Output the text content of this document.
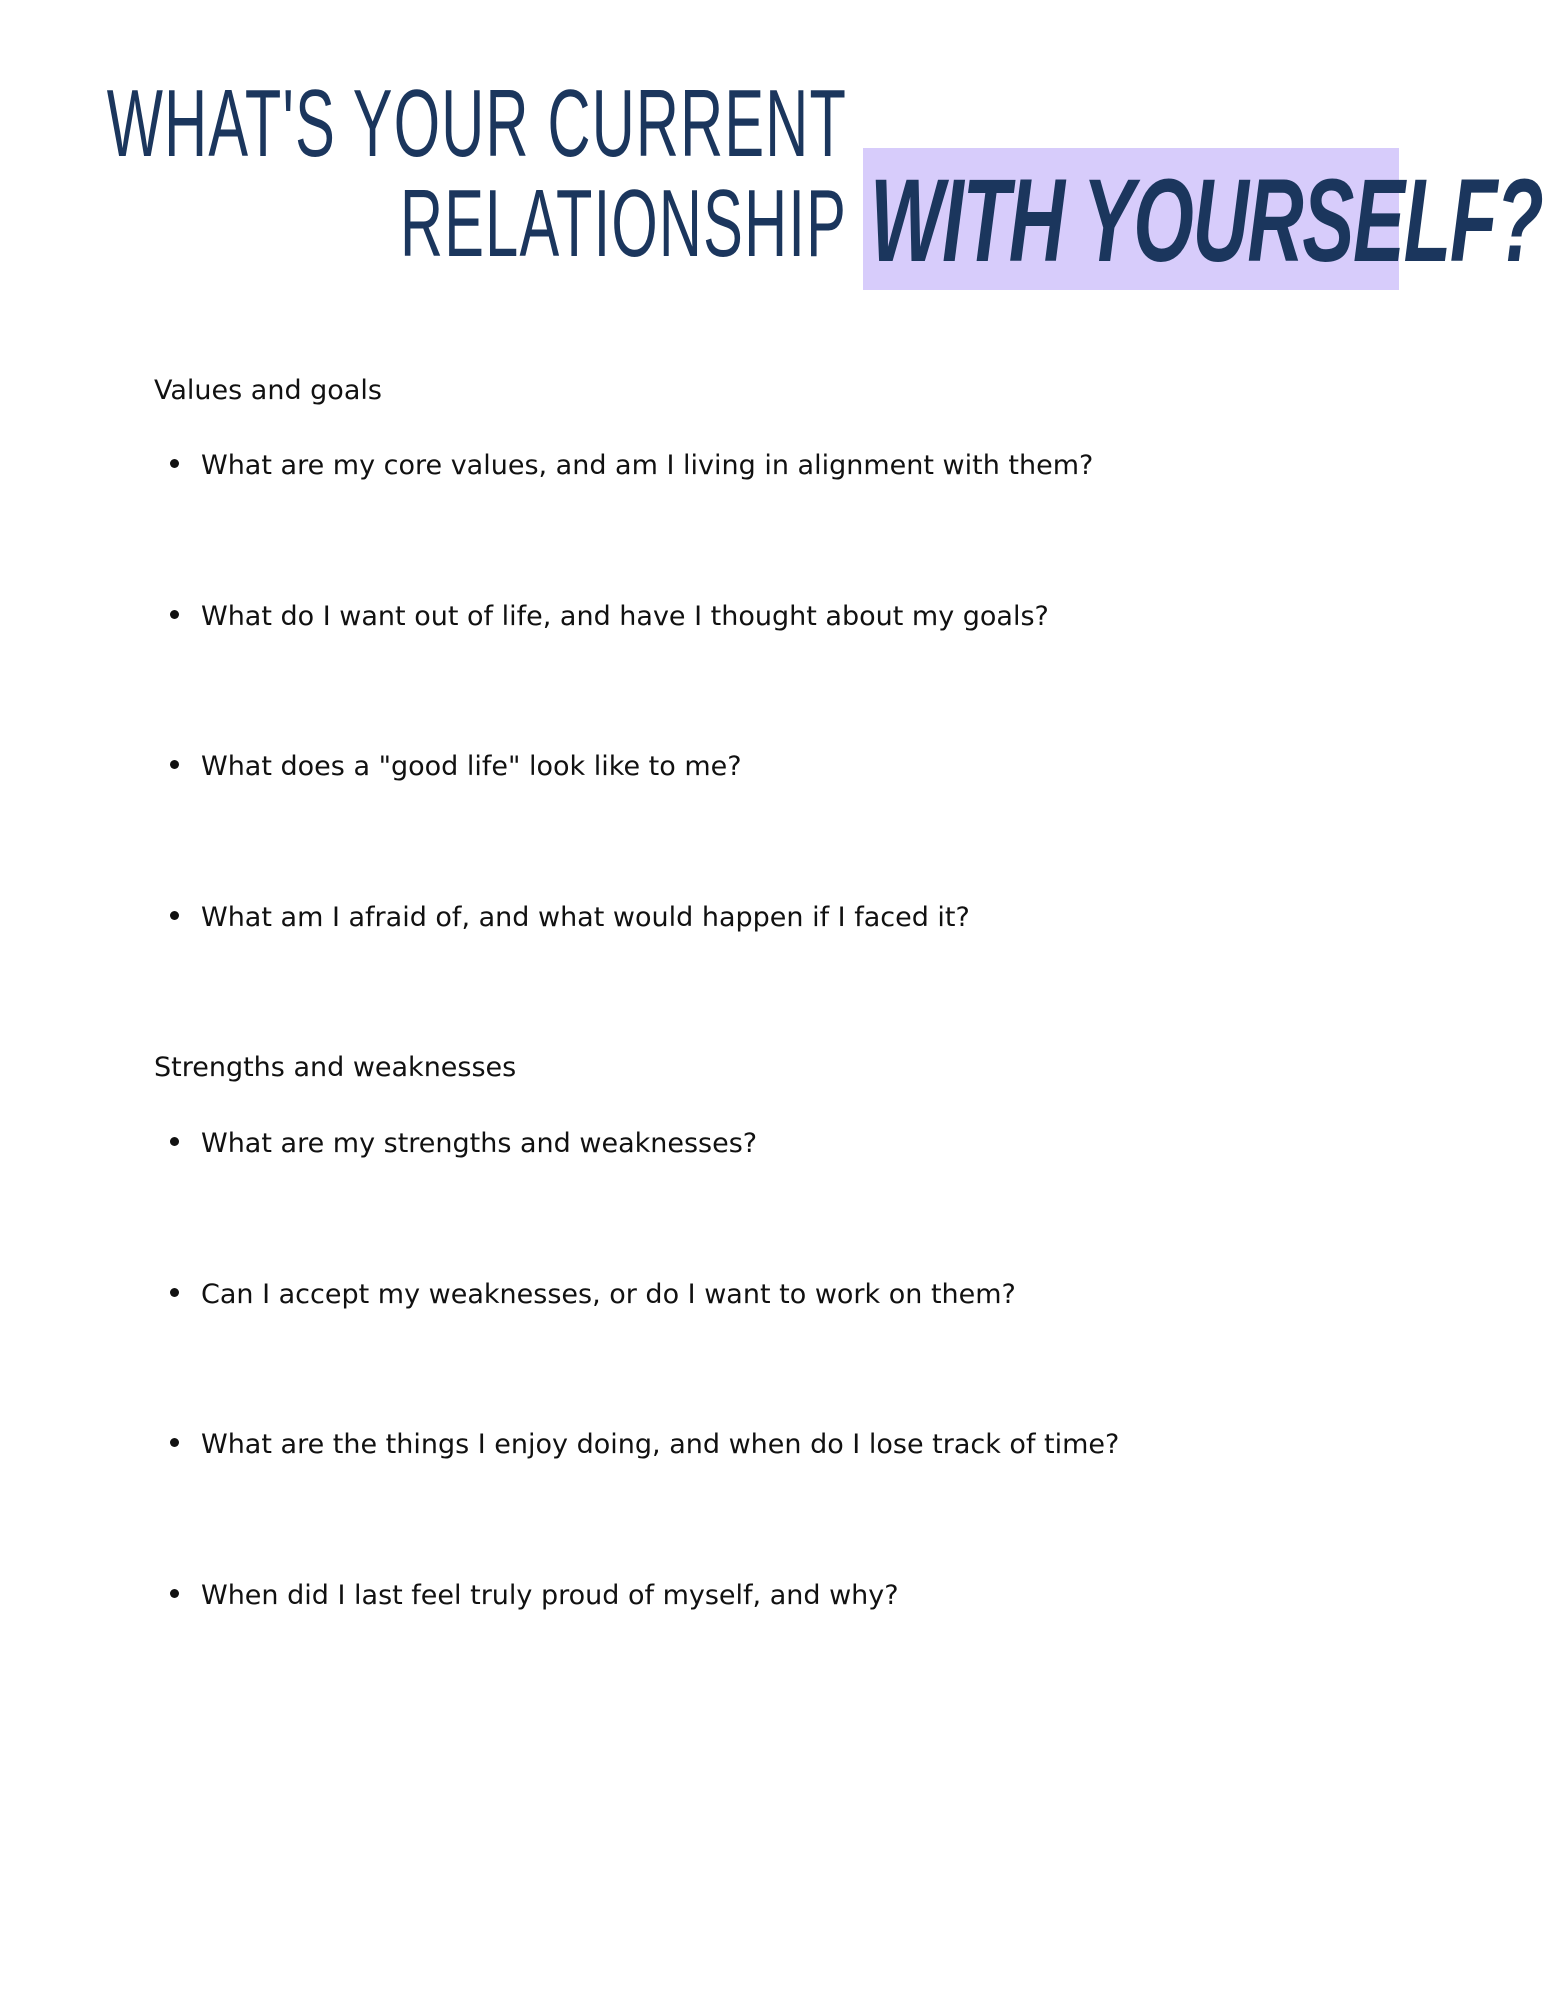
WHAT'S YOUR CURRENT
RELATIONSHIP WITH YOURSELF?
Values and goals
What are my core values, and am I living in alignment with them?
What do I want out of life, and have I thought about my goals?
What does a "good life" look like to me?
What am I afraid of, and what would happen if I faced it?
Strengths and weaknesses
What are my strengths and weaknesses?
Can I accept my weaknesses, or do I want to work on them?
What are the things I enjoy doing, and when do I lose track of time?
When did I last feel truly proud of myself, and why?
